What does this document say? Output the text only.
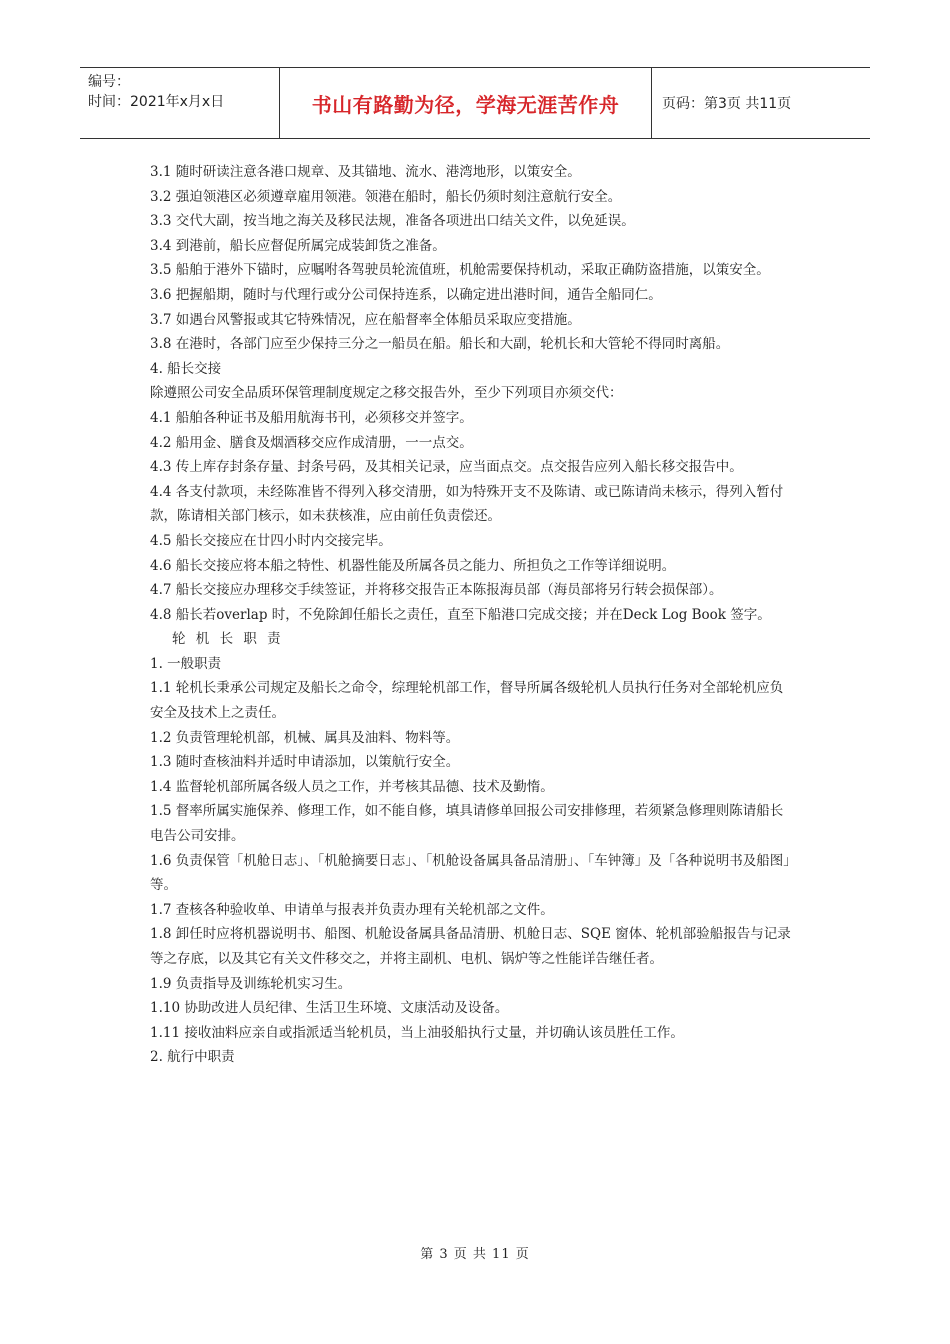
编号：
时间：2021年x月x日	书山有路勤为径，学海无涯苦作舟	页码：第3页 共11页

3.1 随时研读注意各港口规章、及其锚地、流水、港湾地形，以策安全。

3.2 强迫领港区必须遵章雇用领港。领港在船时，船长仍须时刻注意航行安全。

3.3 交代大副，按当地之海关及移民法规，准备各项进出口结关文件，以免延误。

3.4 到港前，船长应督促所属完成装卸货之准备。

3.5 船舶于港外下锚时，应嘱咐各驾驶员轮流值班，机舱需要保持机动，采取正确防盗措施，以策安全。

3.6 把握船期，随时与代理行或分公司保持连系，以确定进出港时间，通告全船同仁。

3.7 如遇台风警报或其它特殊情况，应在船督率全体船员采取应变措施。

3.8 在港时，各部门应至少保持三分之一船员在船。船长和大副，轮机长和大管轮不得同时离船。

4. 船长交接

除遵照公司安全品质环保管理制度规定之移交报告外，至少下列项目亦须交代：

4.1 船舶各种证书及船用航海书刊，必须移交并签字。

4.2 船用金、膳食及烟酒移交应作成清册，一一点交。

4.3 传上库存封条存量、封条号码，及其相关记录，应当面点交。点交报告应列入船长移交报告中。

4.4 各支付款项，未经陈准皆不得列入移交清册，如为特殊开支不及陈请、或已陈请尚未核示，得列入暂付款，陈请相关部门核示，如未获核准，应由前任负责偿还。

4.5 船长交接应在廿四小时内交接完毕。

4.6 船长交接应将本船之特性、机器性能及所属各员之能力、所担负之工作等详细说明。

4.7 船长交接应办理移交手续签证，并将移交报告正本陈报海员部（海员部将另行转会损保部）。

4.8 船长若overlap 时，不免除卸任船长之责任，直至下船港口完成交接；并在Deck Log Book 签字。

轮 机 长 职 责

1. 一般职责

1.1 轮机长秉承公司规定及船长之命令，综理轮机部工作，督导所属各级轮机人员执行任务对全部轮机应负安全及技术上之责任。

1.2 负责管理轮机部，机械、属具及油料、物料等。

1.3 随时查核油料并适时申请添加，以策航行安全。

1.4 监督轮机部所属各级人员之工作，并考核其品德、技术及勤惰。

1.5 督率所属实施保养、修理工作，如不能自修，填具请修单回报公司安排修理，若须紧急修理则陈请船长电告公司安排。

1.6 负责保管「机舱日志」、「机舱摘要日志」、「机舱设备属具备品清册」、「车钟簿」及「各种说明书及船图」等。

1.7 查核各种验收单、申请单与报表并负责办理有关轮机部之文件。

1.8 卸任时应将机器说明书、船图、机舱设备属具备品清册、机舱日志、SQE 窗体、轮机部验船报告与记录等之存底，以及其它有关文件移交之，并将主副机、电机、锅炉等之性能详告继任者。

1.9 负责指导及训练轮机实习生。

1.10 协助改进人员纪律、生活卫生环境、文康活动及设备。

1.11 接收油料应亲自或指派适当轮机员，当上油驳船执行丈量，并切确认该员胜任工作。

2. 航行中职责

第 3 页 共 11 页
